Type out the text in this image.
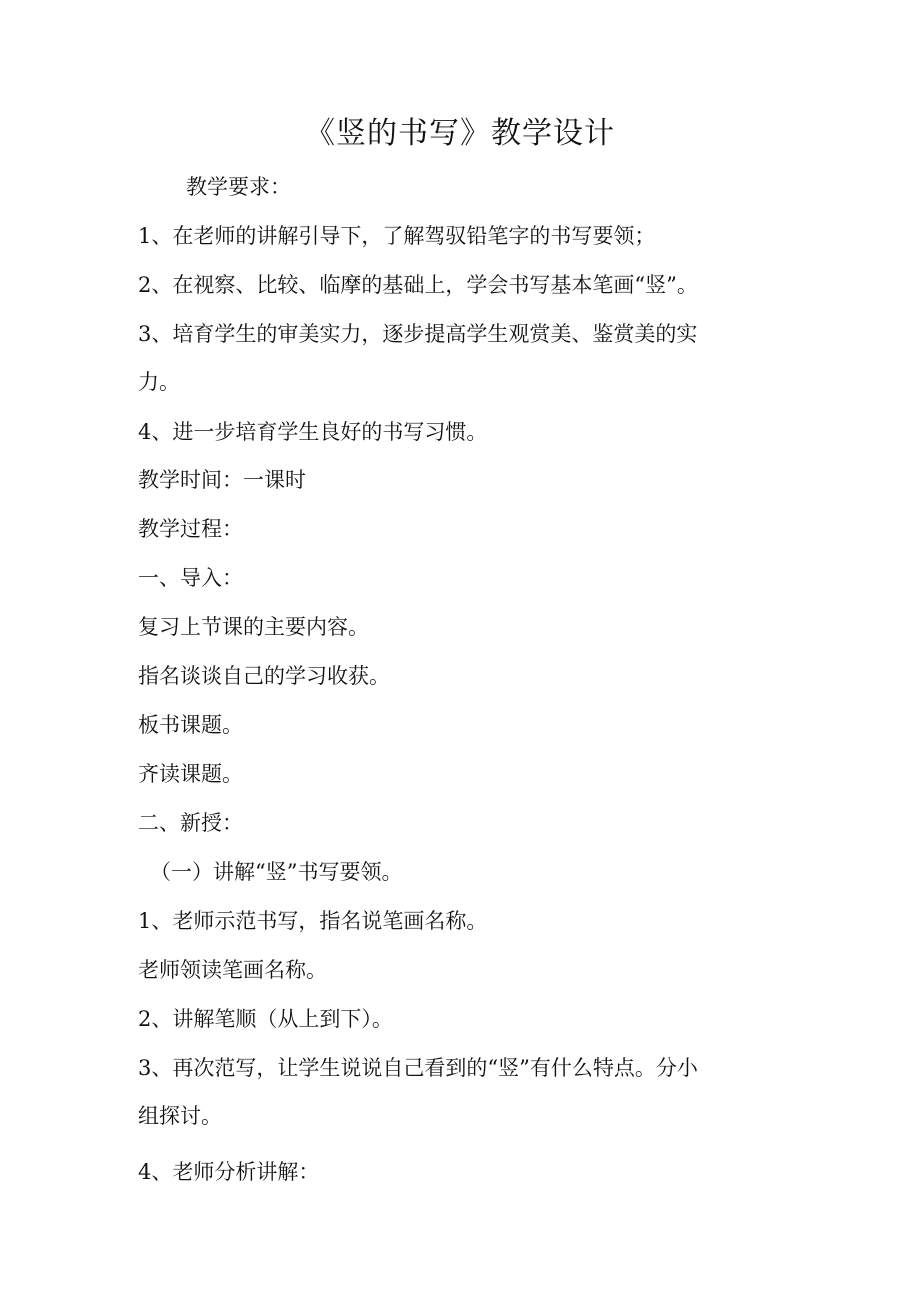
《竖的书写》教学设计
教学要求：
1、在老师的讲解引导下，了解驾驭铅笔字的书写要领；
2、在视察、比较、临摩的基础上，学会书写基本笔画“竖”。
3、培育学生的审美实力，逐步提高学生观赏美、鉴赏美的实
力。
4、进一步培育学生良好的书写习惯。
教学时间：一课时
教学过程：
一、导入：
复习上节课的主要内容。
指名谈谈自己的学习收获。
板书课题。
齐读课题。
二、新授：
（一）讲解“竖”书写要领。
1、老师示范书写，指名说笔画名称。
老师领读笔画名称。
2、讲解笔顺（从上到下）。
3、再次范写，让学生说说自己看到的“竖”有什么特点。分小
组探讨。
4、老师分析讲解：
